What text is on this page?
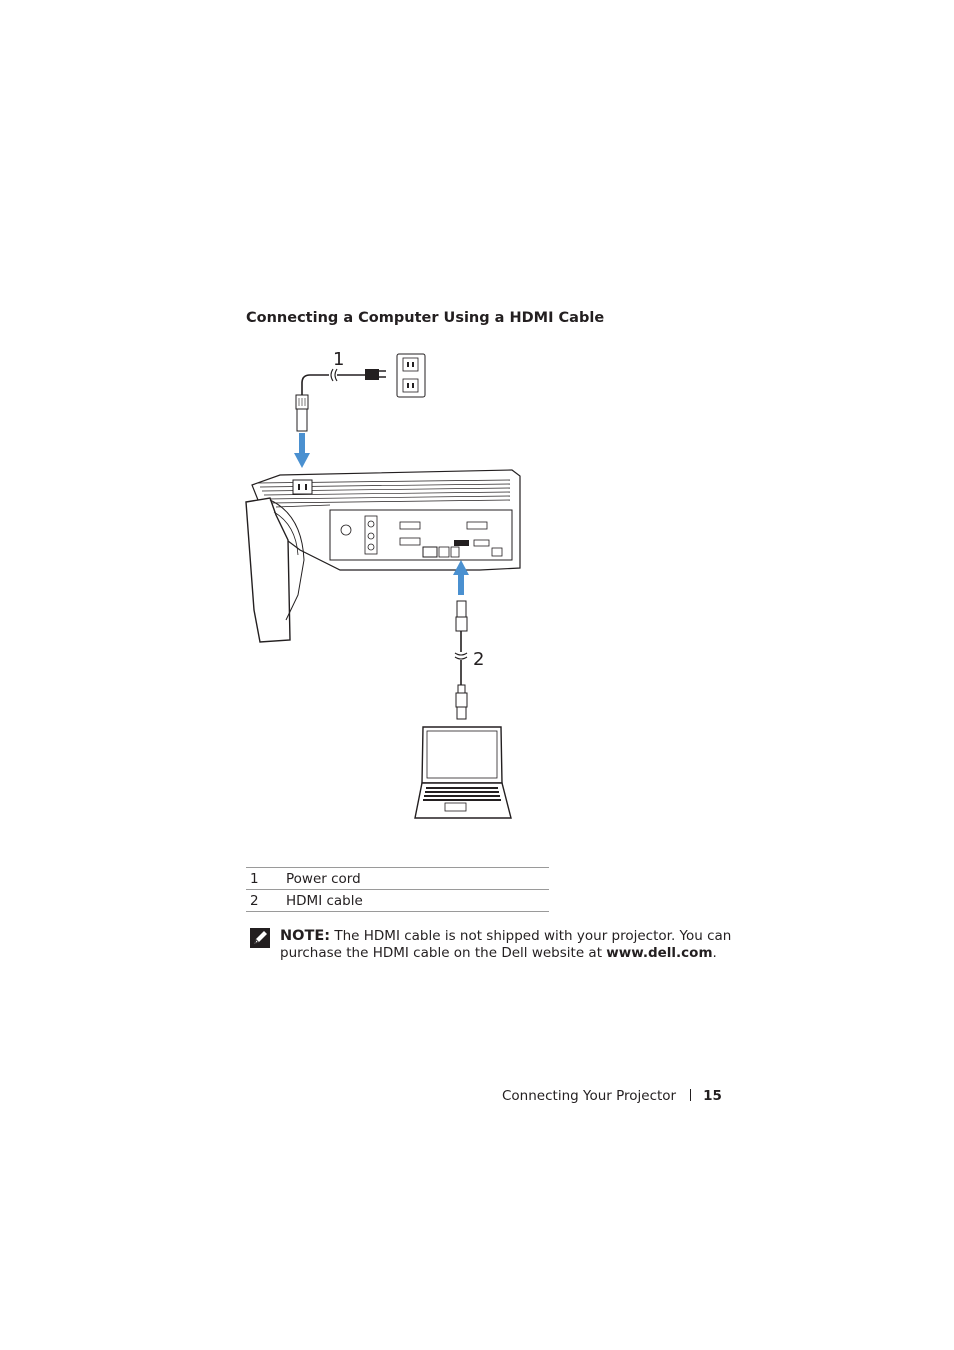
Connecting a Computer Using a HDMI Cable
1
2
1	Power cord
2	HDMI cable

NOTE: The HDMI cable is not shipped with your projector. You can purchase the HDMI cable on the Dell website at www.dell.com.

Connecting Your Projector 15
